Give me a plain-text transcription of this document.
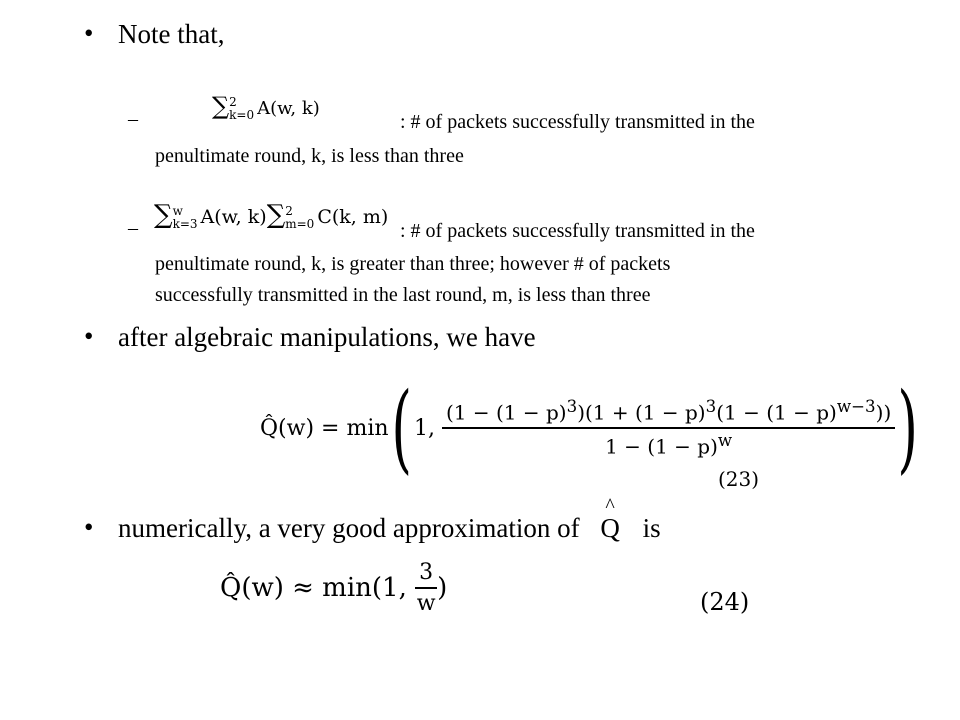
• Note that,
–	∑ 2
k=0 A(w, k)
: # of packets successfully transmitted in the
penultimate round, k, is less than three
– ∑ w
k=3 A(w, k)∑ 2
m=0 C(k, m)
: # of packets successfully transmitted in the
penultimate round, k, is greater than three; however # of packets
successfully transmitted in the last round, m, is less than three
• after algebraic manipulations, we have
Q̂(w) = min ( 1, $\frac{(1 - (1 - p)^3)(1 + (1 - p)^3(1 - (1 - p)^{w-3}))}{1 - (1 - p)^w}$ )
(23)
• numerically, a very good approximation of
^
Q is
Q̂(w) ≈ min(1, $\frac{3}{w}$ )	(24)
